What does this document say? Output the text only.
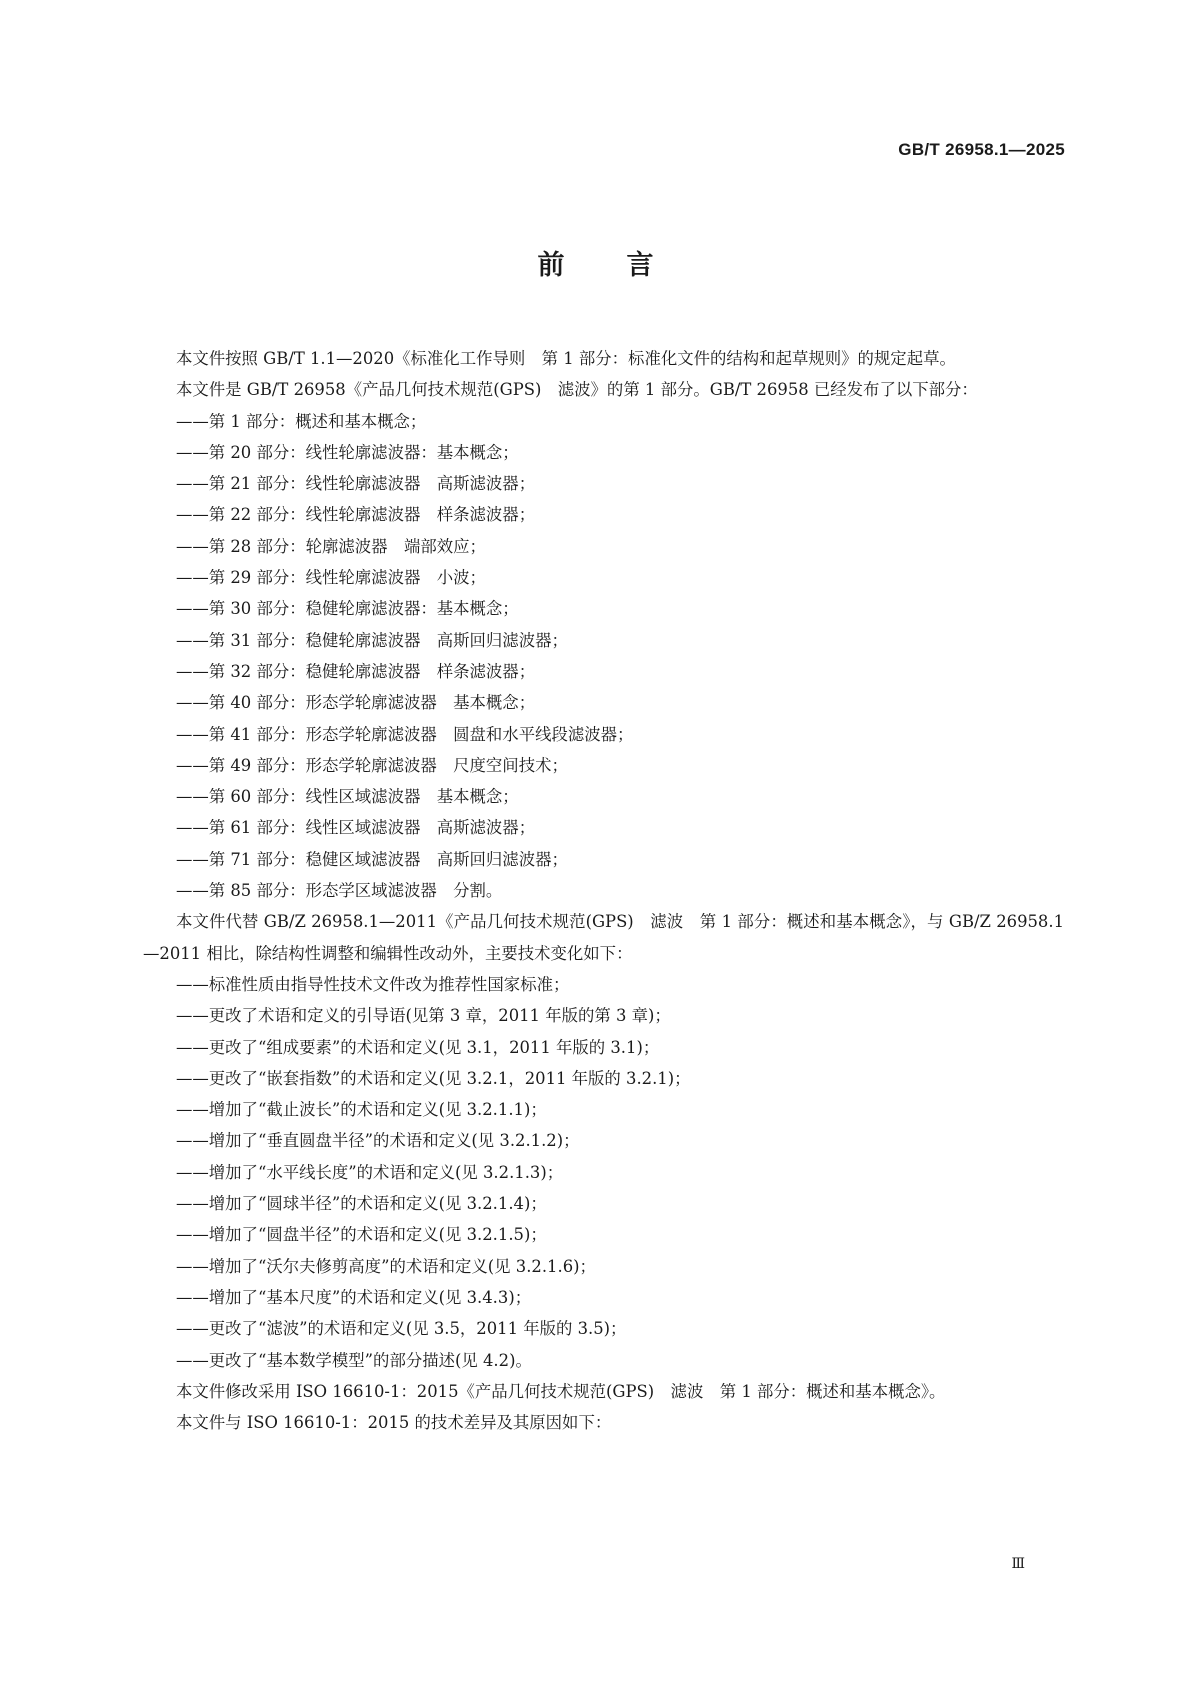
GB/T 26958.1—2025
前 言

本文件按照 GB/T 1.1—2020《标准化工作导则　第 1 部分：标准化文件的结构和起草规则》的规定起草。

本文件是 GB/T 26958《产品几何技术规范(GPS)　滤波》的第 1 部分。GB/T 26958 已经发布了以下部分：

——第 1 部分：概述和基本概念；

——第 20 部分：线性轮廓滤波器：基本概念；

——第 21 部分：线性轮廓滤波器　高斯滤波器；

——第 22 部分：线性轮廓滤波器　样条滤波器；

——第 28 部分：轮廓滤波器　端部效应；

——第 29 部分：线性轮廓滤波器　小波；

——第 30 部分：稳健轮廓滤波器：基本概念；

——第 31 部分：稳健轮廓滤波器　高斯回归滤波器；

——第 32 部分：稳健轮廓滤波器　样条滤波器；

——第 40 部分：形态学轮廓滤波器　基本概念；

——第 41 部分：形态学轮廓滤波器　圆盘和水平线段滤波器；

——第 49 部分：形态学轮廓滤波器　尺度空间技术；

——第 60 部分：线性区域滤波器　基本概念；

——第 61 部分：线性区域滤波器　高斯滤波器；

——第 71 部分：稳健区域滤波器　高斯回归滤波器；

——第 85 部分：形态学区域滤波器　分割。

本文件代替 GB/Z 26958.1—2011《产品几何技术规范(GPS)　滤波　第 1 部分：概述和基本概念》，与 GB/Z 26958.1—2011 相比，除结构性调整和编辑性改动外，主要技术变化如下：

——标准性质由指导性技术文件改为推荐性国家标准；

——更改了术语和定义的引导语(见第 3 章，2011 年版的第 3 章)；

——更改了“组成要素”的术语和定义(见 3.1，2011 年版的 3.1)；

——更改了“嵌套指数”的术语和定义(见 3.2.1，2011 年版的 3.2.1)；

——增加了“截止波长”的术语和定义(见 3.2.1.1)；

——增加了“垂直圆盘半径”的术语和定义(见 3.2.1.2)；

——增加了“水平线长度”的术语和定义(见 3.2.1.3)；

——增加了“圆球半径”的术语和定义(见 3.2.1.4)；

——增加了“圆盘半径”的术语和定义(见 3.2.1.5)；

——增加了“沃尔夫修剪高度”的术语和定义(见 3.2.1.6)；

——增加了“基本尺度”的术语和定义(见 3.4.3)；

——更改了“滤波”的术语和定义(见 3.5，2011 年版的 3.5)；

——更改了“基本数学模型”的部分描述(见 4.2)。

本文件修改采用 ISO 16610-1：2015《产品几何技术规范(GPS)　滤波　第 1 部分：概述和基本概念》。

本文件与 ISO 16610-1：2015 的技术差异及其原因如下：

Ⅲ
